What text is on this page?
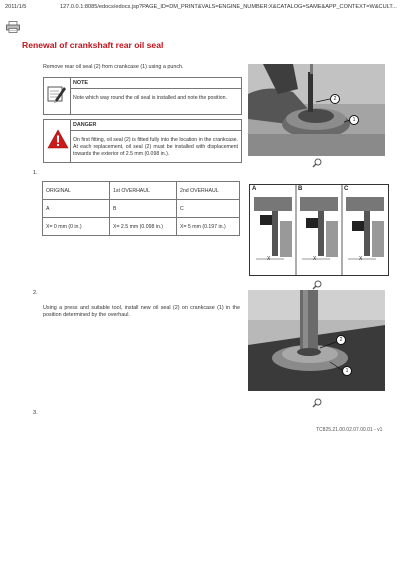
2011/1/5	127.0.0.1:8085/edocs/edocs.jsp?PAGE_ID=DM_PRINT&VALS=ENGINE_NUMBER:X&CATALOG=SAME&APP_CONTEXT=W&CULT...
Renewal of crankshaft rear oil seal
Remove rear oil seal (2) from crankcase (1) using a punch.
NOTE
Note which way round the oil seal is installed and note the position.
DANGER
On first fitting, oil seal (2) is fitted fully into the location in the crankcase. At each replacement, oil seal (2) must be installed with displacement towards the exterior of 2.5 mm (0.098 in.).
2
1
1.
ORIGINAL	1st OVERHAUL	2nd OVERHAUL
A	B	C
X= 0 mm (0 in.)	X= 2.5 mm (0.098 in.)	X= 5 mm (0.197 in.)
A	B	C
X	X	X
2.
Using a press and suitable tool, install new oil seal (2) on crankcase (1) in the position determined by the overhaul.
2
1
3.
TC825.21.00.02.07.00.01 - v1
